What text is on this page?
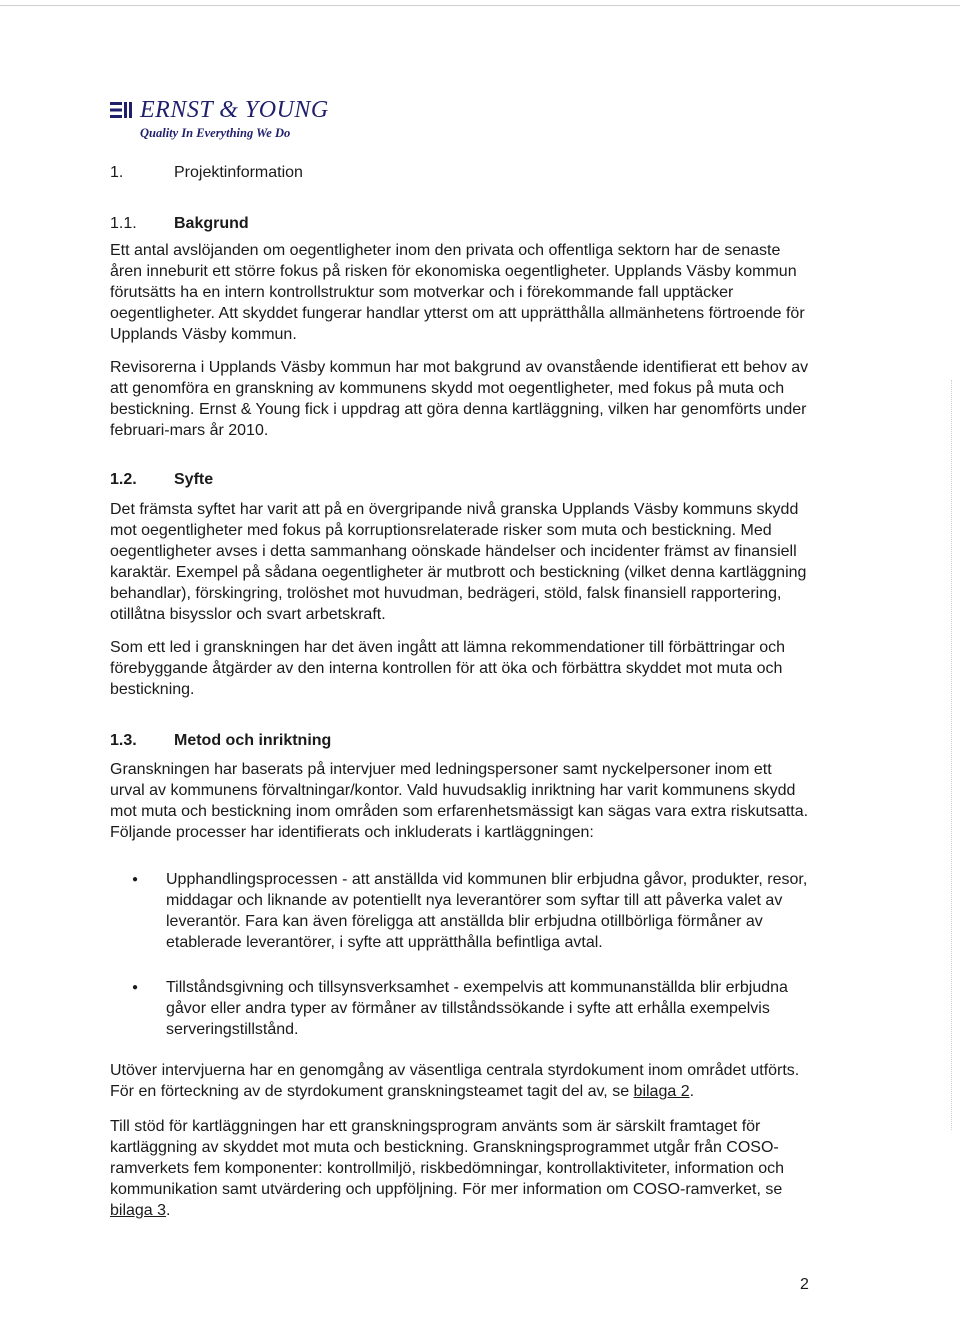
ERNST & YOUNG
Quality In Everything We Do
1.	Projektinformation
1.1.	Bakgrund

Ett antal avslöjanden om oegentligheter inom den privata och offentliga sektorn har de senaste åren inneburit ett större fokus på risken för ekonomiska oegentligheter. Upplands Väsby kommun förutsätts ha en intern kontrollstruktur som motverkar och i förekommande fall upptäcker oegentligheter. Att skyddet fungerar handlar ytterst om att upprätthålla allmänhetens förtroende för Upplands Väsby kommun.

Revisorerna i Upplands Väsby kommun har mot bakgrund av ovanstående identifierat ett behov av att genomföra en granskning av kommunens skydd mot oegentligheter, med fokus på muta och bestickning. Ernst & Young fick i uppdrag att göra denna kartläggning, vilken har genomförts under februari-mars år 2010.

1.2.	Syfte

Det främsta syftet har varit att på en övergripande nivå granska Upplands Väsby kommuns skydd mot oegentligheter med fokus på korruptionsrelaterade risker som muta och bestickning. Med oegentligheter avses i detta sammanhang oönskade händelser och incidenter främst av finansiell karaktär. Exempel på sådana oegentligheter är mutbrott och bestickning (vilket denna kartläggning behandlar), förskingring, trolöshet mot huvudman, bedrägeri, stöld, falsk finansiell rapportering, otillåtna bisysslor och svart arbetskraft.

Som ett led i granskningen har det även ingått att lämna rekommendationer till förbättringar och förebyggande åtgärder av den interna kontrollen för att öka och förbättra skyddet mot muta och bestickning.

1.3.	Metod och inriktning

Granskningen har baserats på intervjuer med ledningspersoner samt nyckelpersoner inom ett urval av kommunens förvaltningar/kontor. Vald huvudsaklig inriktning har varit kommunens skydd mot muta och bestickning inom områden som erfarenhetsmässigt kan sägas vara extra riskutsatta. Följande processer har identifierats och inkluderats i kartläggningen:

●	Upphandlingsprocessen - att anställda vid kommunen blir erbjudna gåvor, produkter, resor, middagar och liknande av potentiellt nya leverantörer som syftar till att påverka valet av leverantör. Fara kan även föreligga att anställda blir erbjudna otillbörliga förmåner av etablerade leverantörer, i syfte att upprätthålla befintliga avtal.
●	Tillståndsgivning och tillsynsverksamhet - exempelvis att kommunanställda blir erbjudna gåvor eller andra typer av förmåner av tillståndssökande i syfte att erhålla exempelvis serveringstillstånd.

Utöver intervjuerna har en genomgång av väsentliga centrala styrdokument inom området utförts. För en förteckning av de styrdokument granskningsteamet tagit del av, se bilaga 2.

Till stöd för kartläggningen har ett granskningsprogram använts som är särskilt framtaget för kartläggning av skyddet mot muta och bestickning. Granskningsprogrammet utgår från COSO-ramverkets fem komponenter: kontrollmiljö, riskbedömningar, kontrollaktiviteter, information och kommunikation samt utvärdering och uppföljning. För mer information om COSO-ramverket, se bilaga 3.

2
